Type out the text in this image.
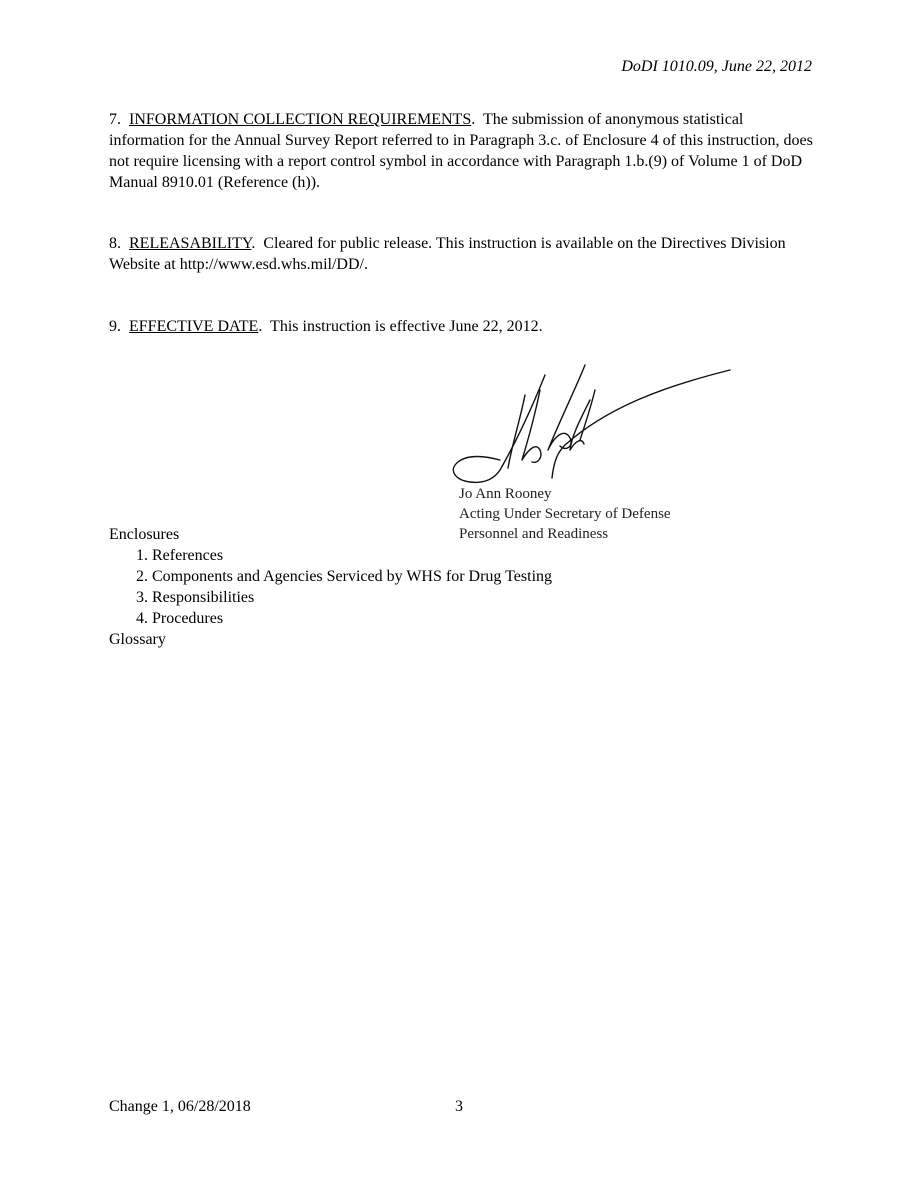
DoDI 1010.09, June 22, 2012

7. INFORMATION COLLECTION REQUIREMENTS.  The submission of anonymous statistical information for the Annual Survey Report referred to in Paragraph 3.c. of Enclosure 4 of this instruction, does not require licensing with a report control symbol in accordance with Paragraph 1.b.(9) of Volume 1 of DoD Manual 8910.01 (Reference (h)).

8. RELEASABILITY.  Cleared for public release. This instruction is available on the Directives Division Website at http://www.esd.whs.mil/DD/.

9. EFFECTIVE DATE.  This instruction is effective June 22, 2012.

Jo Ann Rooney
Acting Under Secretary of Defense
Personnel and Readiness
Enclosures
1. References
2. Components and Agencies Serviced by WHS for Drug Testing
3. Responsibilities
4. Procedures
Glossary
Change 1, 06/28/2018	3
